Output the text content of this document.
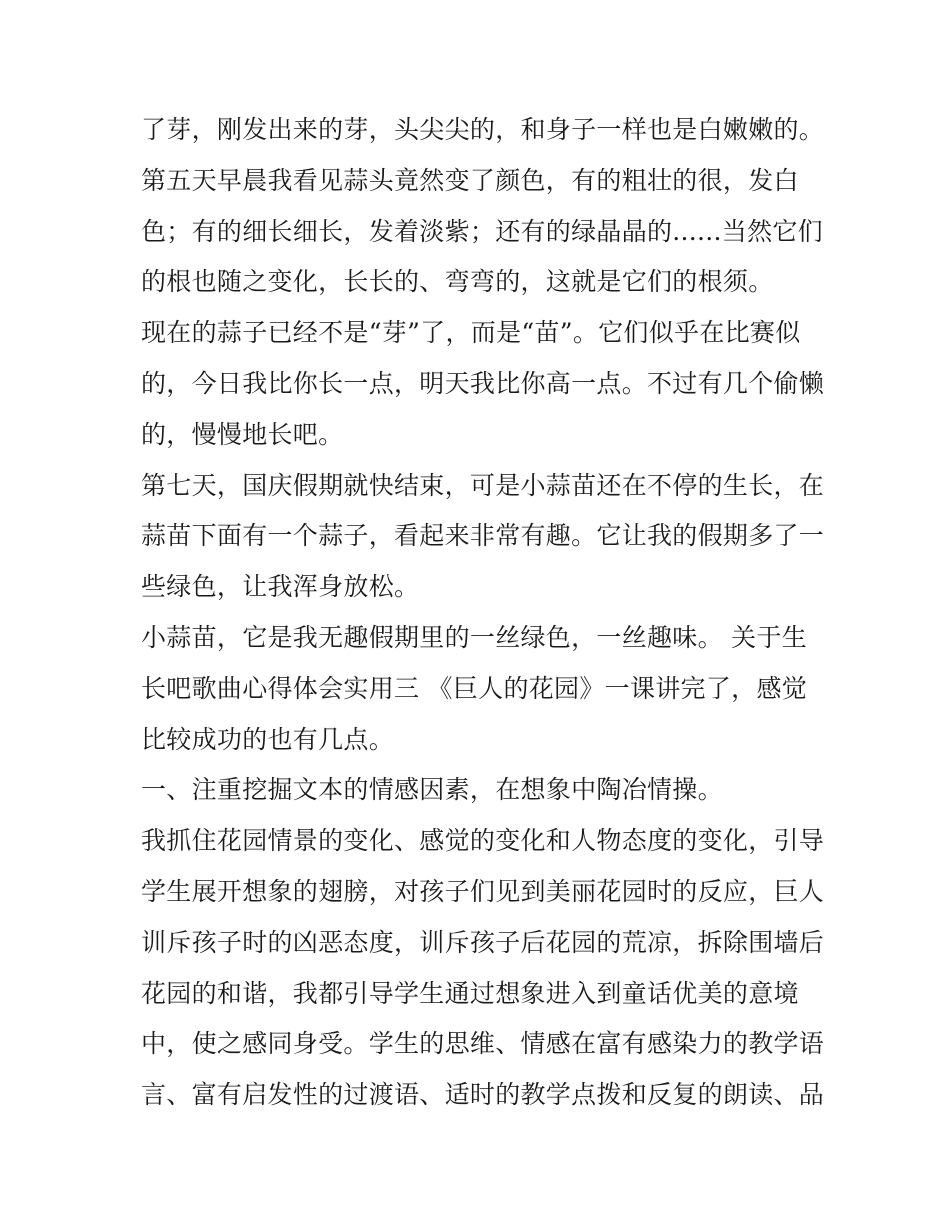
了芽，刚发出来的芽，头尖尖的，和身子一样也是白嫩嫩的。
第五天早晨我看见蒜头竟然变了颜色，有的粗壮的很，发白
色；有的细长细长，发着淡紫；还有的绿晶晶的......当然它们
的根也随之变化，长长的、弯弯的，这就是它们的根须。
现在的蒜子已经不是“芽”了，而是“苗”。它们似乎在比赛似
的，今日我比你长一点，明天我比你高一点。不过有几个偷懒
的，慢慢地长吧。
第七天，国庆假期就快结束，可是小蒜苗还在不停的生长，在
蒜苗下面有一个蒜子，看起来非常有趣。它让我的假期多了一
些绿色，让我浑身放松。
小蒜苗，它是我无趣假期里的一丝绿色，一丝趣味。 关于生
长吧歌曲心得体会实用三 《巨人的花园》一课讲完了，感觉
比较成功的也有几点。
一、注重挖掘文本的情感因素，在想象中陶冶情操。
我抓住花园情景的变化、感觉的变化和人物态度的变化，引导
学生展开想象的翅膀，对孩子们见到美丽花园时的反应，巨人
训斥孩子时的凶恶态度，训斥孩子后花园的荒凉，拆除围墙后
花园的和谐，我都引导学生通过想象进入到童话优美的意境
中，使之感同身受。学生的思维、情感在富有感染力的教学语
言、富有启发性的过渡语、适时的教学点拨和反复的朗读、品
